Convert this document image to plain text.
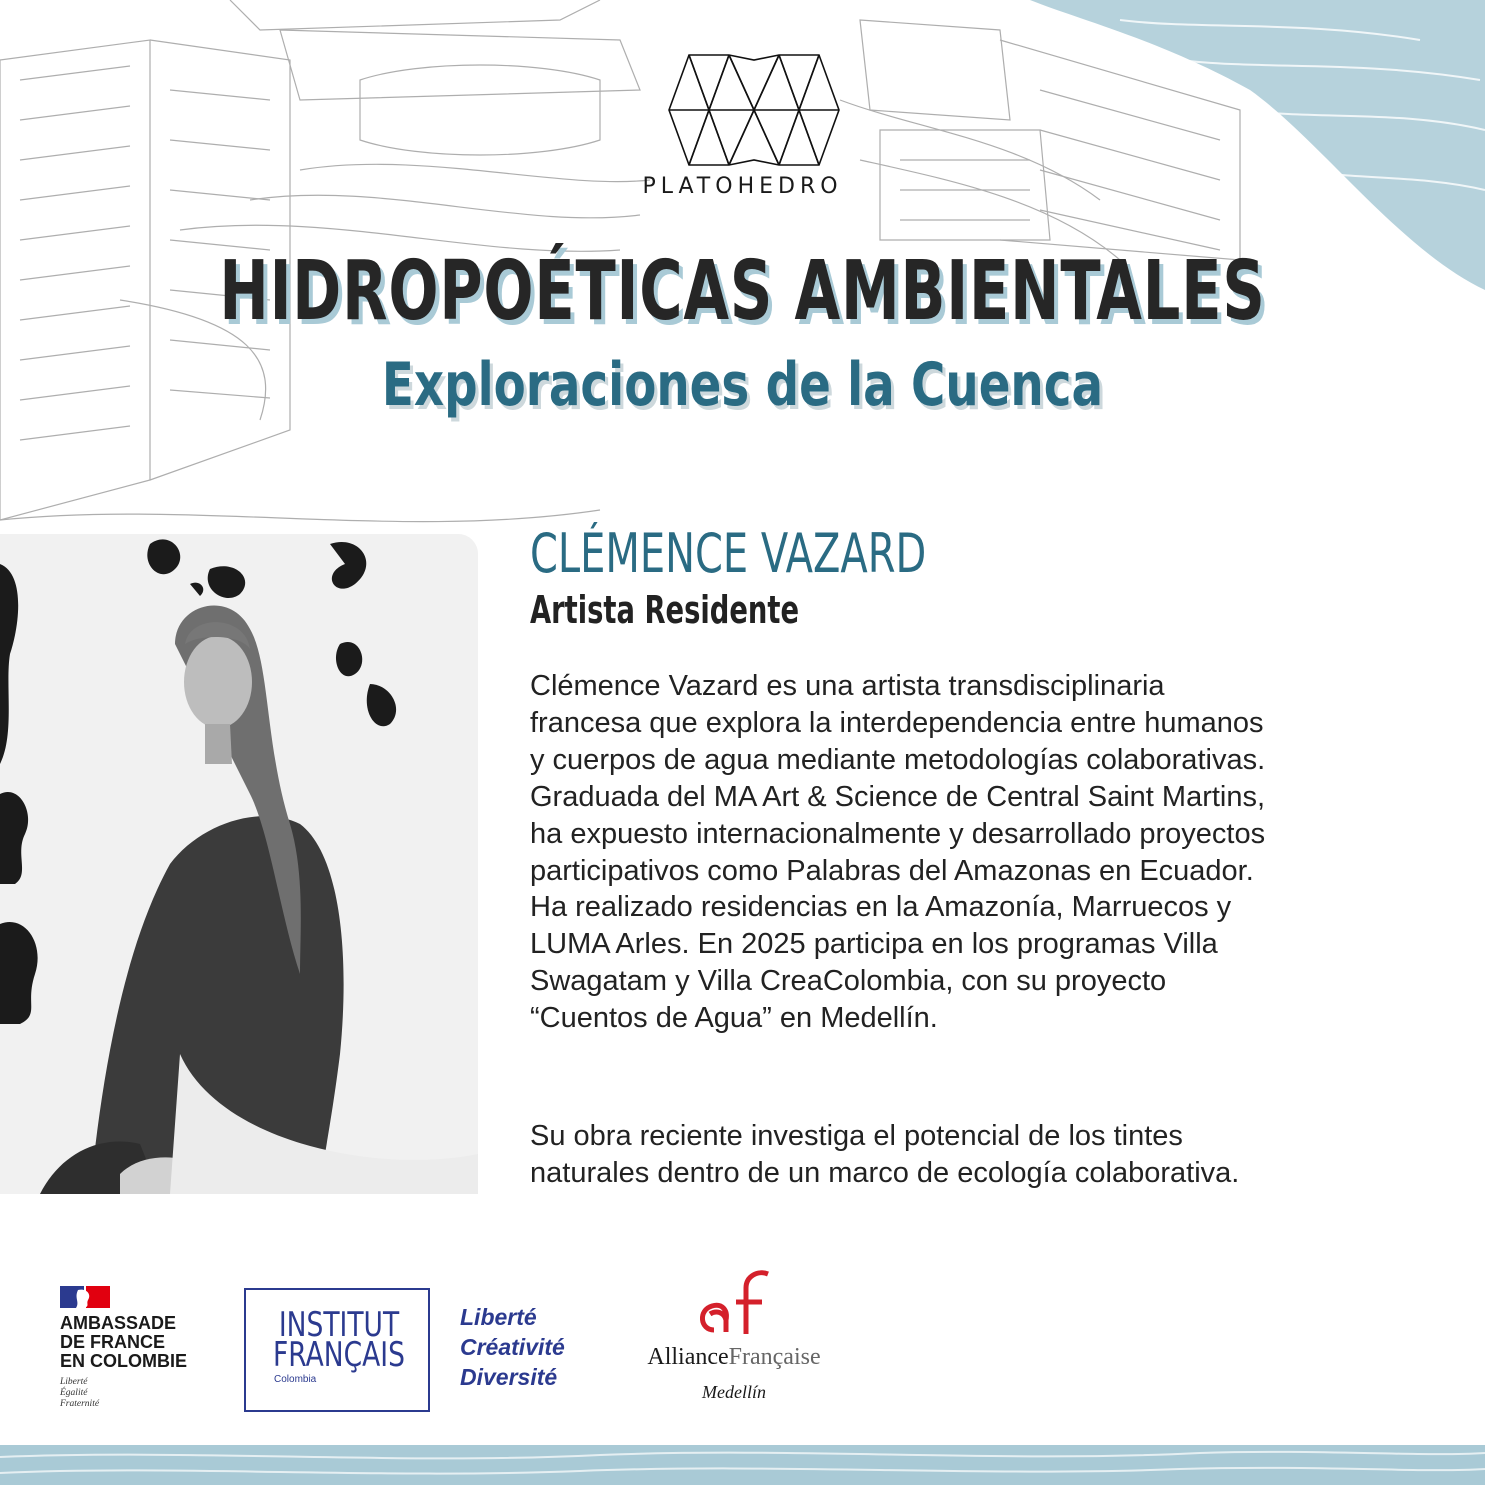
PLATOHEDRO
HIDROPOÉTICAS AMBIENTALES
Exploraciones de la Cuenca
CLÉMENCE VAZARD
Artista Residente
Clémence Vazard es una artista transdisciplinaria
francesa que explora la interdependencia entre humanos
y cuerpos de agua mediante metodologías colaborativas.
Graduada del MA Art & Science de Central Saint Martins,
ha expuesto internacionalmente y desarrollado proyectos
participativos como Palabras del Amazonas en Ecuador.
Ha realizado residencias en la Amazonía, Marruecos y
LUMA Arles. En 2025 participa en los programas Villa
Swagatam y Villa CreaColombia, con su proyecto
“Cuentos de Agua” en Medellín.
Su obra reciente investiga el potencial de los tintes
naturales dentro de un marco de ecología colaborativa.
AMBASSADE
DE FRANCE
EN COLOMBIE
Liberté
Égalité
Fraternité
INSTITUT
FRANÇAIS
Colombia
Liberté
Créativité
Diversité
AllianceFrançaise
Medellín
